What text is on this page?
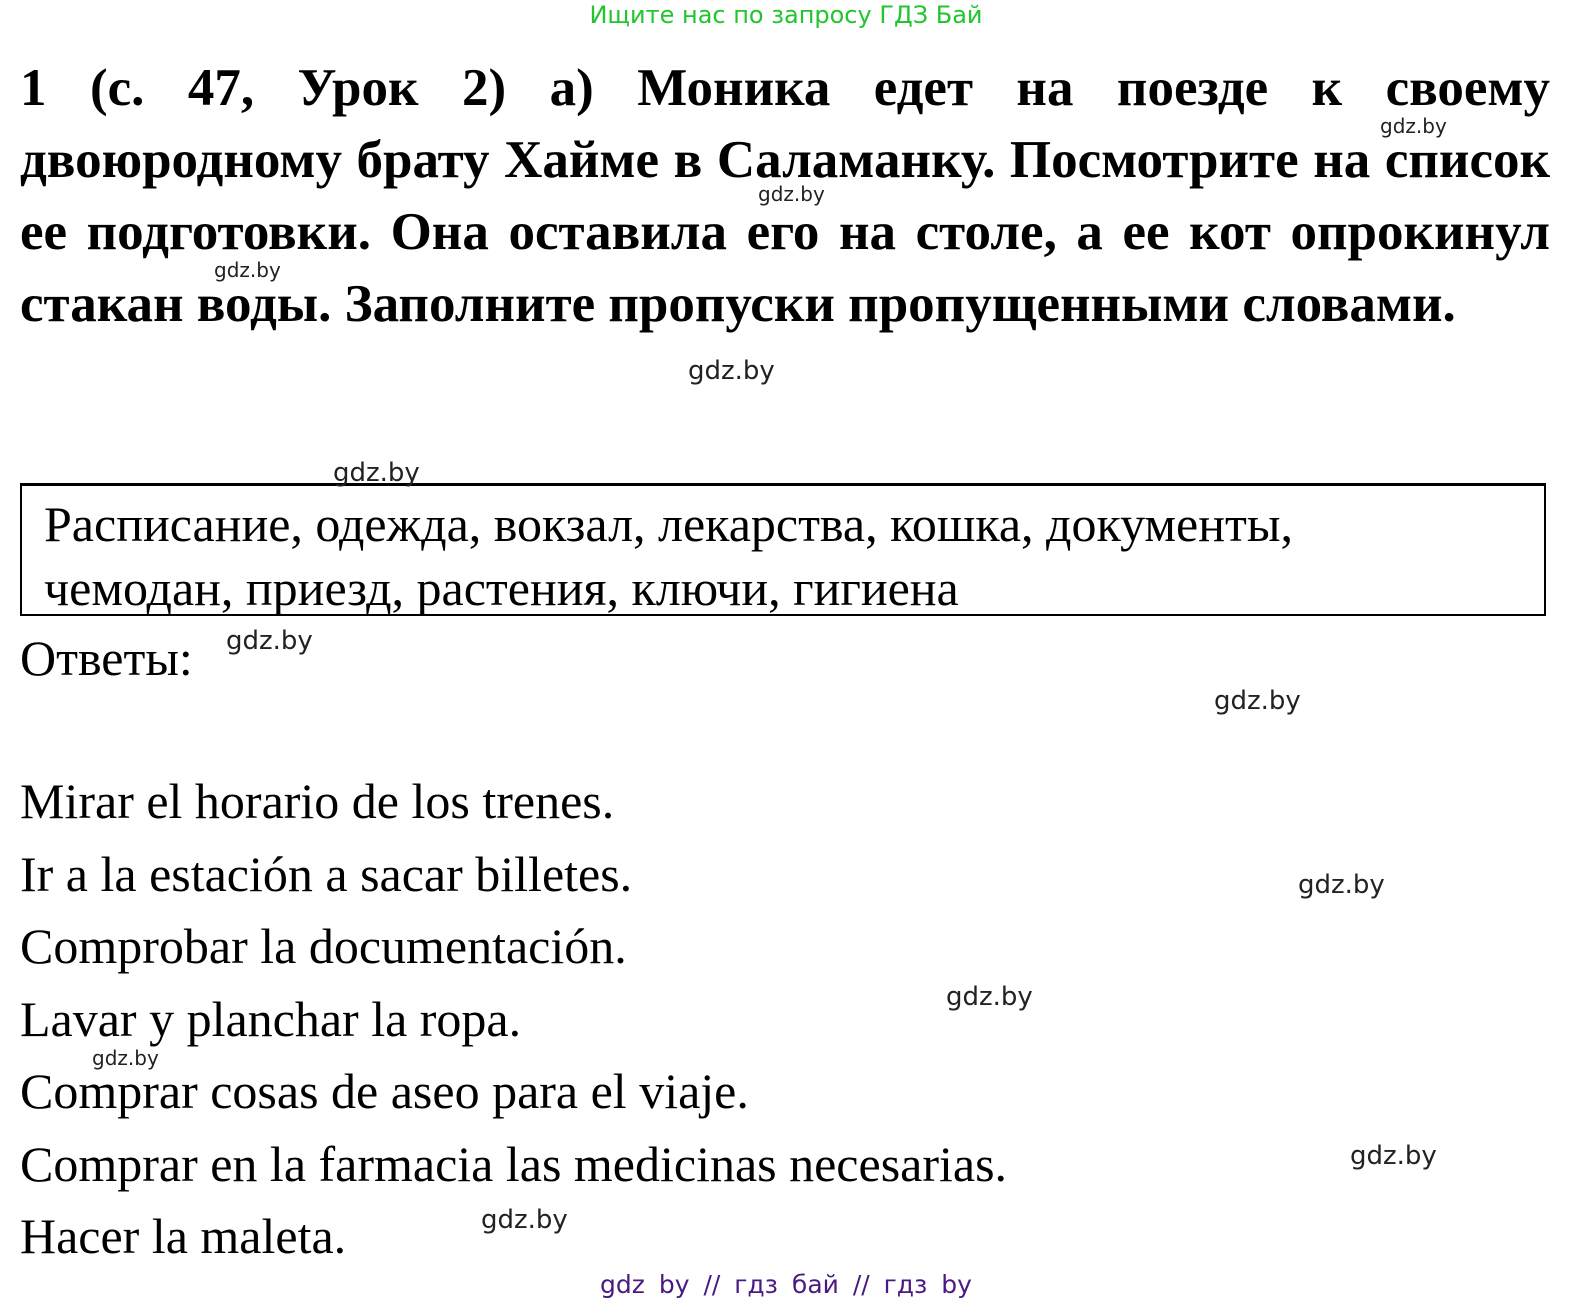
Ищите нас по запросу ГДЗ Бай
1 (с. 47, Урок 2) а) Моника едет на поезде к своему двоюродному брату Хайме в Саламанку. Посмотрите на список ее подготовки. Она оставила его на столе, а ее кот опрокинул стакан воды. Заполните пропуски пропущенными словами.
Расписание, одежда, вокзал, лекарства, кошка, документы,
чемодан, приезд, растения, ключи, гигиена
Ответы:
Mirar el horario de los trenes.
Ir a la estación a sacar billetes.
Comprobar la documentación.
Lavar y planchar la ropa.
Comprar cosas de aseo para el viaje.
Comprar en la farmacia las medicinas necesarias.
Hacer la maleta.
gdz.by
gdz.by
gdz.by
gdz.by
gdz.by
gdz.by
gdz.by
gdz.by
gdz.by
gdz.by
gdz.by
gdz.by
gdz by // гдз бай // гдз by
